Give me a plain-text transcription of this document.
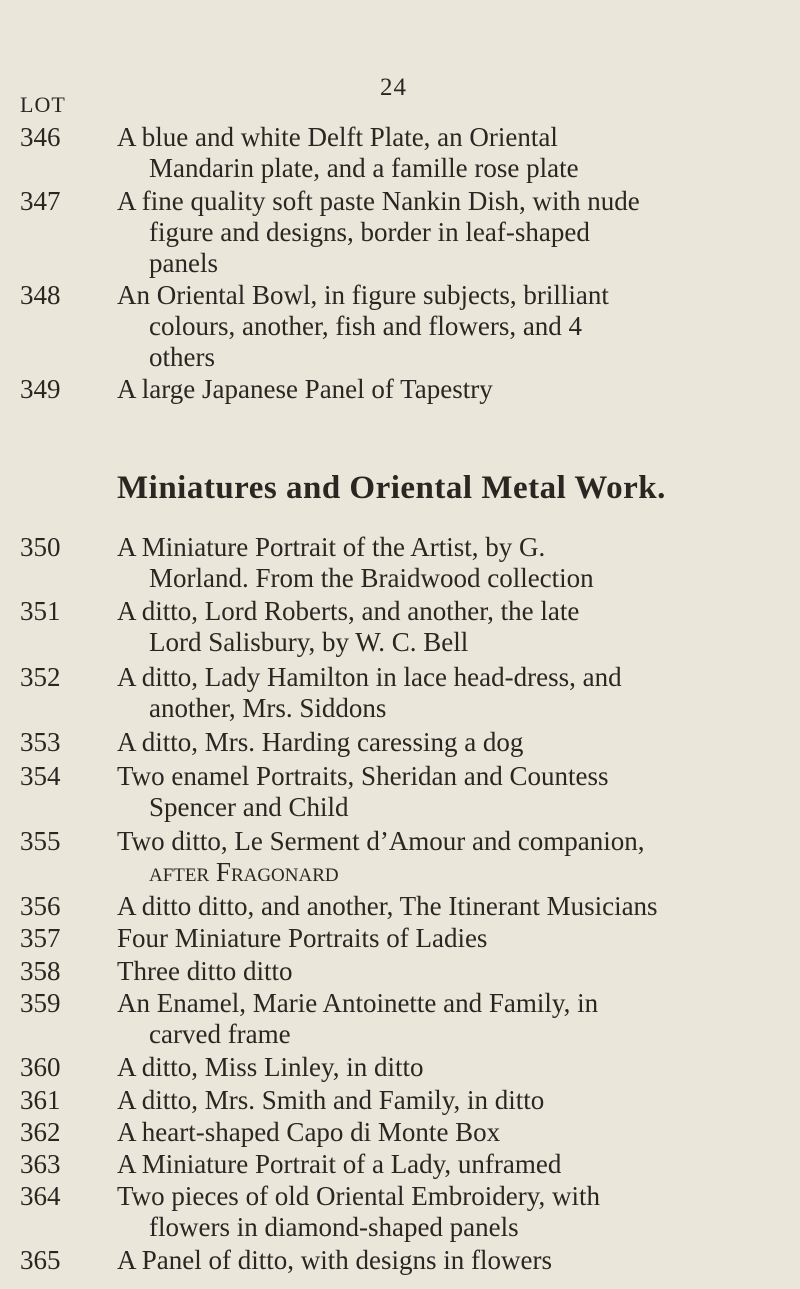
24
LOT
346 A blue and white Delft Plate, an Oriental
Mandarin plate, and a famille rose plate
347 A fine quality soft paste Nankin Dish, with nude
figure and designs, border in leaf-shaped
panels
348 An Oriental Bowl, in figure subjects, brilliant
colours, another, fish and flowers, and 4
others
349 A large Japanese Panel of Tapestry
Miniatures and Oriental Metal Work.
350 A Miniature Portrait of the Artist, by G.
Morland. From the Braidwood collection
351 A ditto, Lord Roberts, and another, the late
Lord Salisbury, by W. C. Bell
352 A ditto, Lady Hamilton in lace head-dress, and
another, Mrs. Siddons
353 A ditto, Mrs. Harding caressing a dog
354 Two enamel Portraits, Sheridan and Countess
Spencer and Child
355 Two ditto, Le Serment d’Amour and companion,
after Fragonard
356 A ditto ditto, and another, The Itinerant Musicians
357 Four Miniature Portraits of Ladies
358 Three ditto ditto
359 An Enamel, Marie Antoinette and Family, in
carved frame
360 A ditto, Miss Linley, in ditto
361 A ditto, Mrs. Smith and Family, in ditto
362 A heart-shaped Capo di Monte Box
363 A Miniature Portrait of a Lady, unframed
364 Two pieces of old Oriental Embroidery, with
flowers in diamond-shaped panels
365 A Panel of ditto, with designs in flowers
